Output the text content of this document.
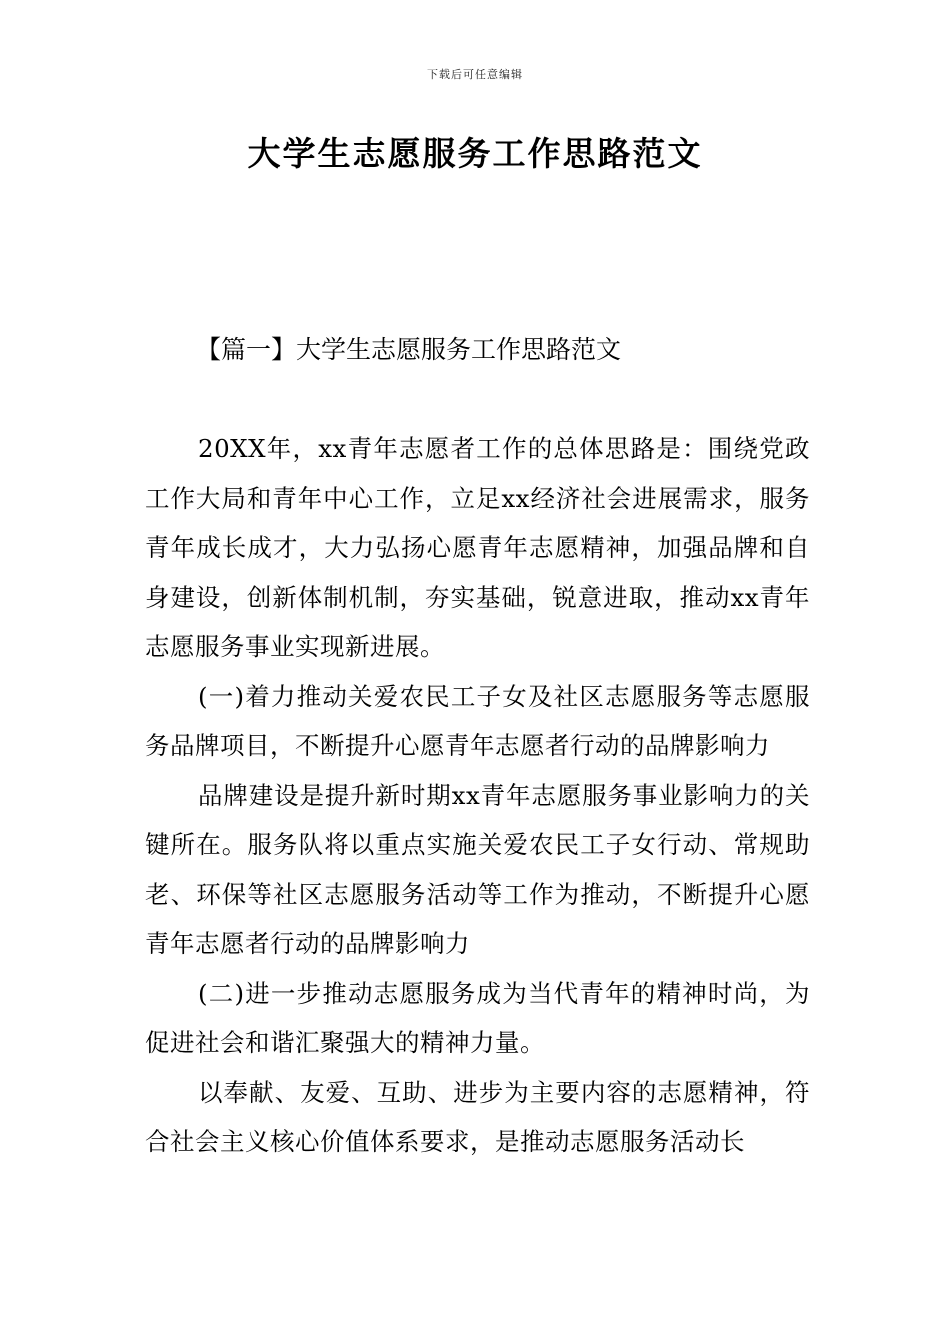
下载后可任意编辑
大学生志愿服务工作思路范文
【篇一】大学生志愿服务工作思路范文

20XX年，xx青年志愿者工作的总体思路是：围绕党政工作大局和青年中心工作，立足xx经济社会进展需求，服务青年成长成才，大力弘扬心愿青年志愿精神，加强品牌和自身建设，创新体制机制，夯实基础，锐意进取，推动xx青年志愿服务事业实现新进展。

(一)着力推动关爱农民工子女及社区志愿服务等志愿服务品牌项目，不断提升心愿青年志愿者行动的品牌影响力

品牌建设是提升新时期xx青年志愿服务事业影响力的关键所在。服务队将以重点实施关爱农民工子女行动、常规助老、环保等社区志愿服务活动等工作为推动，不断提升心愿青年志愿者行动的品牌影响力

(二)进一步推动志愿服务成为当代青年的精神时尚，为促进社会和谐汇聚强大的精神力量。

以奉献、友爱、互助、进步为主要内容的志愿精神，符合社会主义核心价值体系要求，是推动志愿服务活动长
